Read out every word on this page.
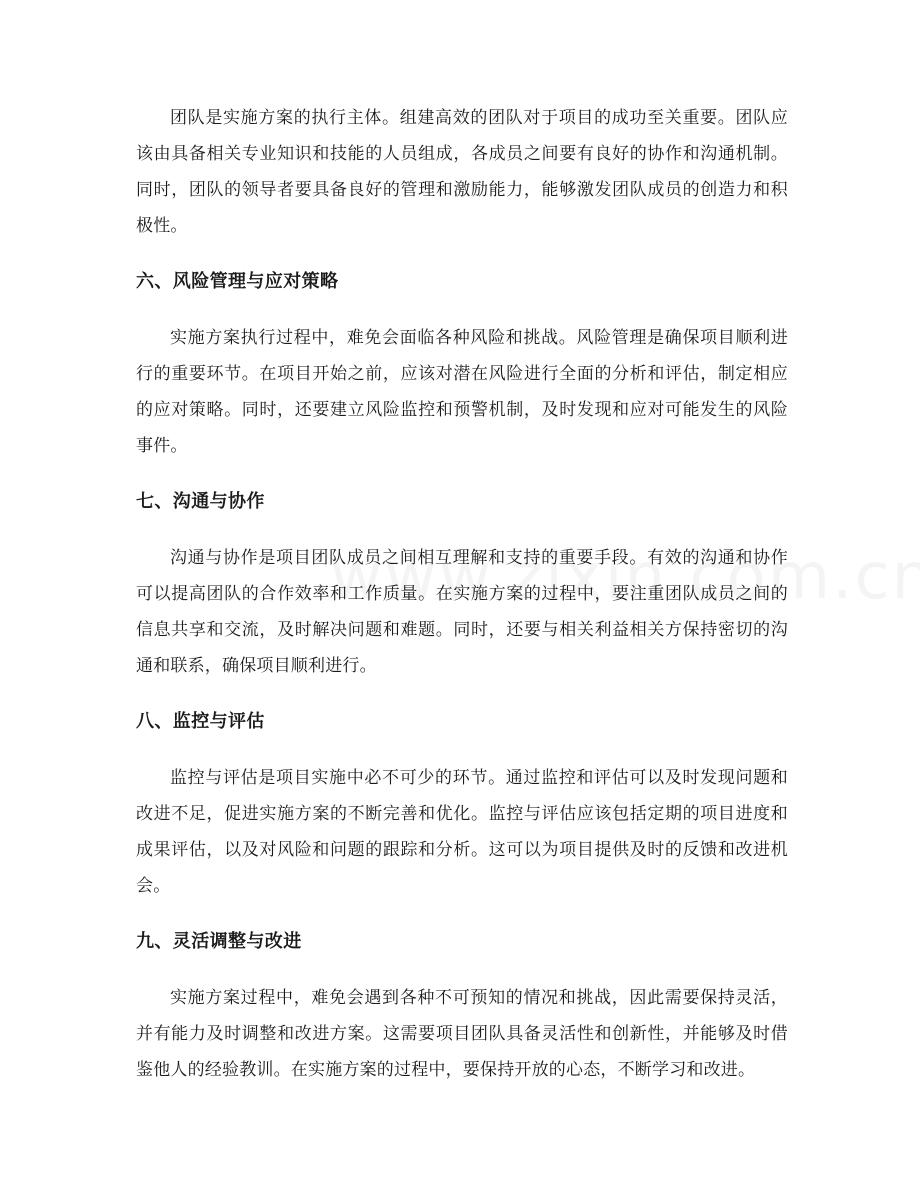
团队是实施方案的执行主体。组建高效的团队对于项目的成功至关重要。团队应该由具备相关专业知识和技能的人员组成，各成员之间要有良好的协作和沟通机制。同时，团队的领导者要具备良好的管理和激励能力，能够激发团队成员的创造力和积极性。

六、风险管理与应对策略

实施方案执行过程中，难免会面临各种风险和挑战。风险管理是确保项目顺利进行的重要环节。在项目开始之前，应该对潜在风险进行全面的分析和评估，制定相应的应对策略。同时，还要建立风险监控和预警机制，及时发现和应对可能发生的风险事件。

七、沟通与协作

沟通与协作是项目团队成员之间相互理解和支持的重要手段。有效的沟通和协作可以提高团队的合作效率和工作质量。在实施方案的过程中，要注重团队成员之间的信息共享和交流，及时解决问题和难题。同时，还要与相关利益相关方保持密切的沟通和联系，确保项目顺利进行。

八、监控与评估

监控与评估是项目实施中必不可少的环节。通过监控和评估可以及时发现问题和改进不足，促进实施方案的不断完善和优化。监控与评估应该包括定期的项目进度和成果评估，以及对风险和问题的跟踪和分析。这可以为项目提供及时的反馈和改进机会。

九、灵活调整与改进

实施方案过程中，难免会遇到各种不可预知的情况和挑战，因此需要保持灵活，并有能力及时调整和改进方案。这需要项目团队具备灵活性和创新性，并能够及时借鉴他人的经验教训。在实施方案的过程中，要保持开放的心态，不断学习和改进。
